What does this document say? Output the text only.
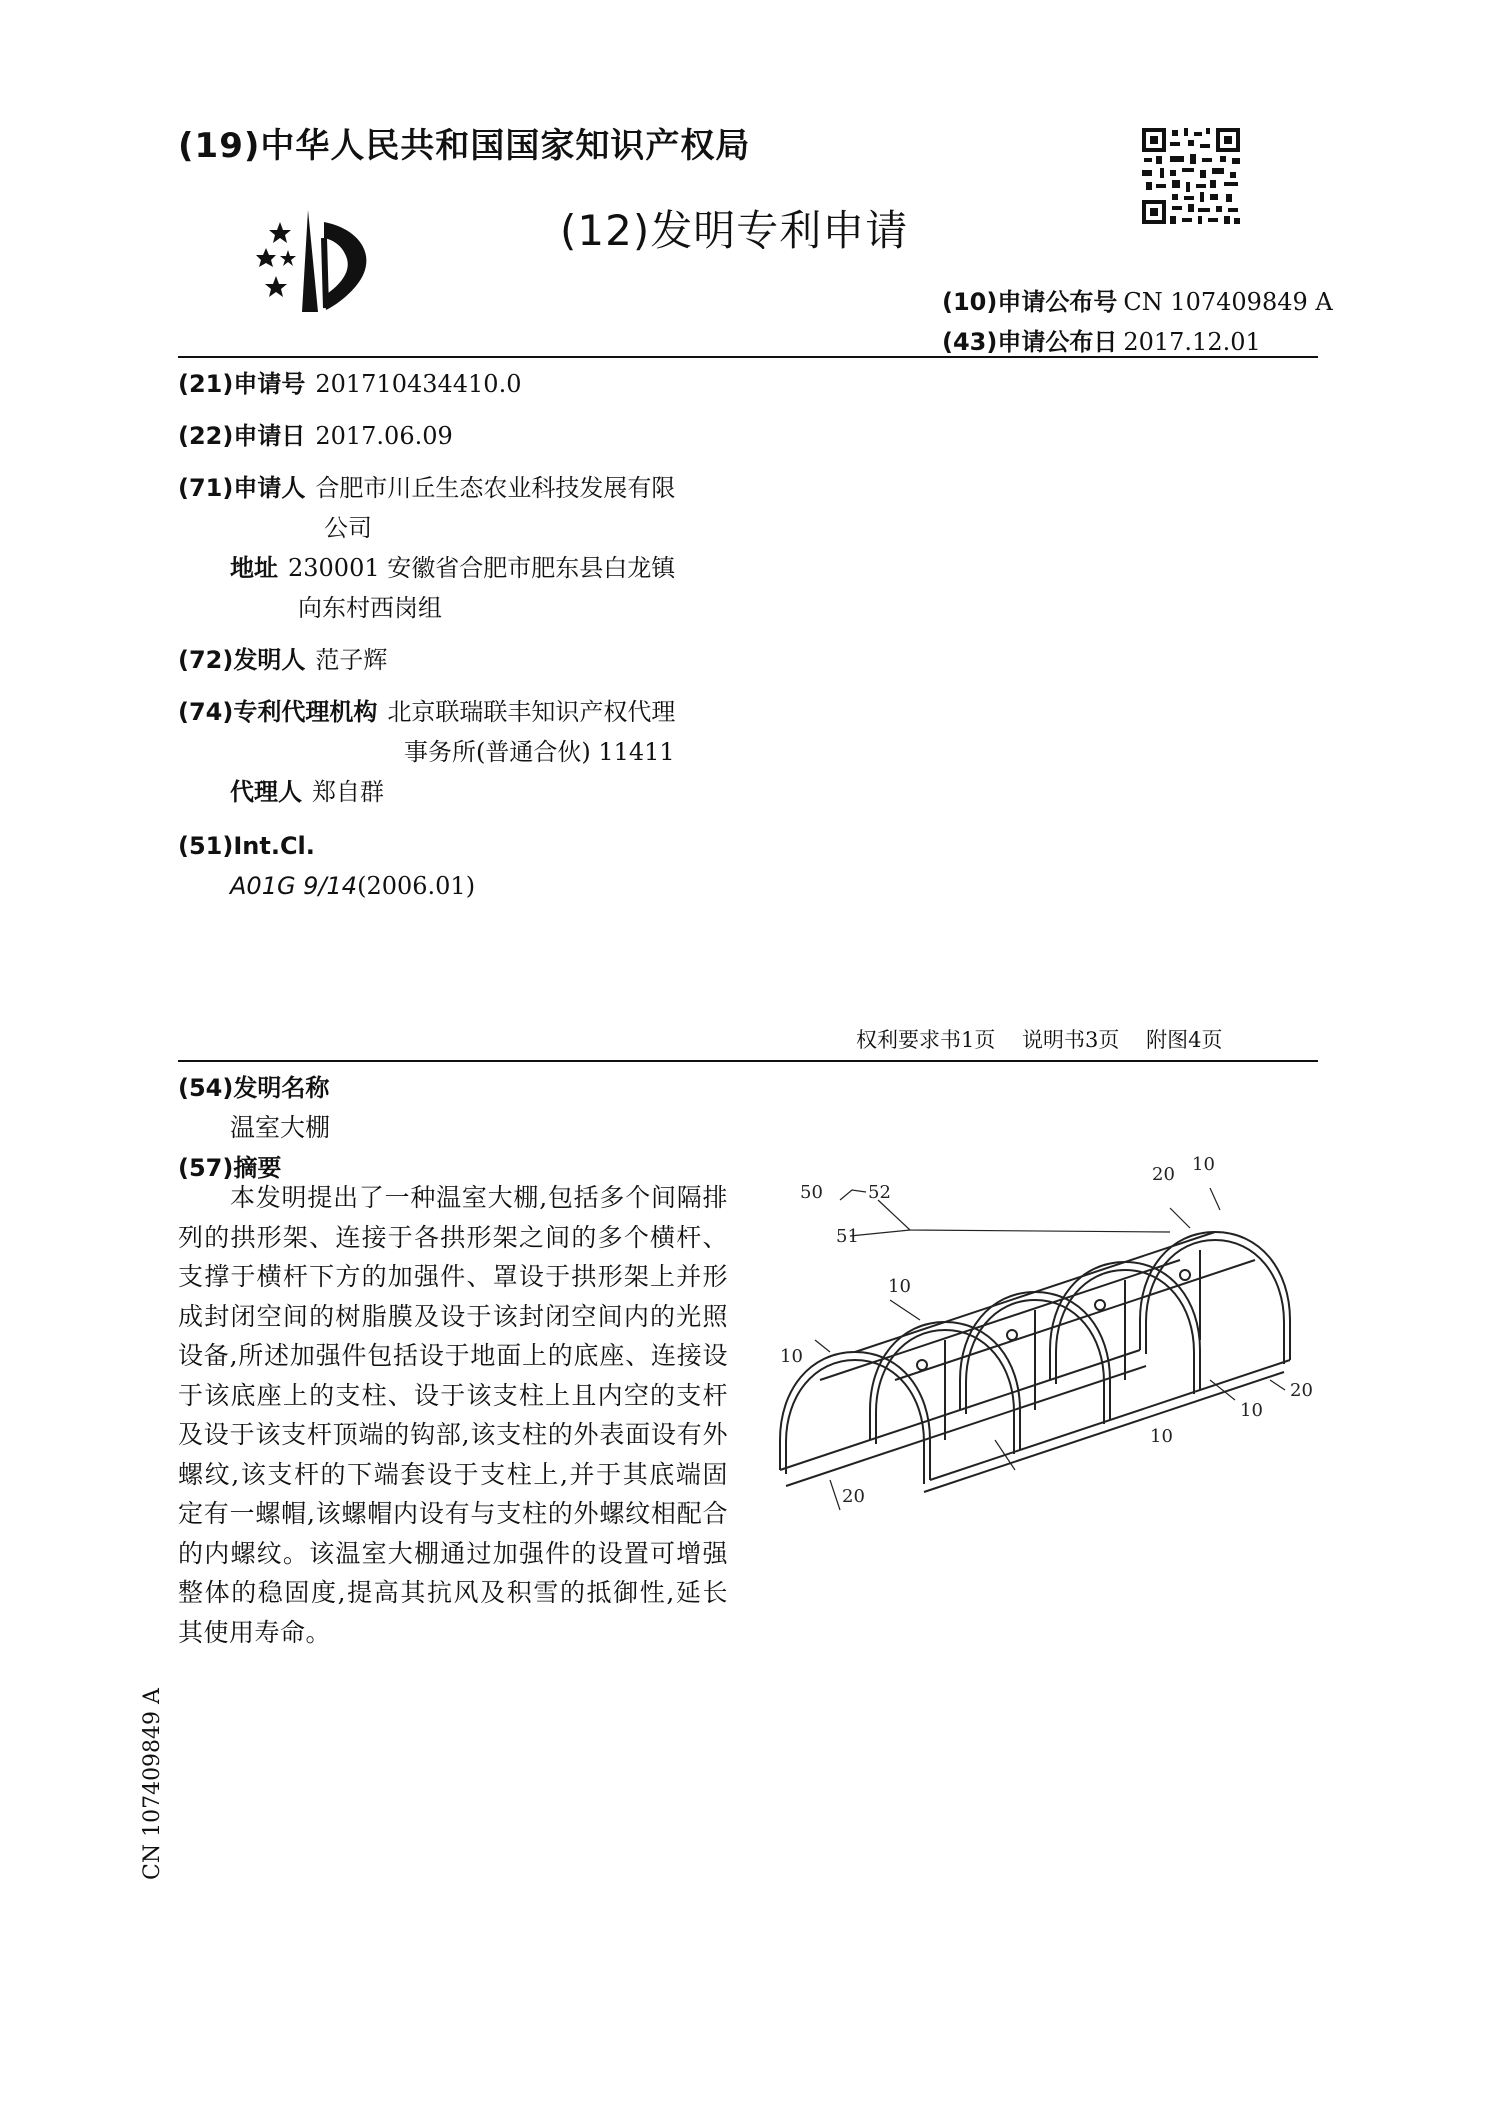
(19)中华人民共和国国家知识产权局
(12)发明专利申请
(10)申请公布号 CN 107409849 A
(43)申请公布日 2017.12.01
(21)申请号 201710434410.0
(22)申请日 2017.06.09
(71)申请人 合肥市川丘生态农业科技发展有限
公司
地址 230001 安徽省合肥市肥东县白龙镇
向东村西岗组
(72)发明人 范子辉
(74)专利代理机构 北京联瑞联丰知识产权代理
事务所(普通合伙) 11411
代理人 郑自群
(51)Int.Cl.
A01G 9/14(2006.01)
权利要求书1页    说明书3页    附图4页
(54)发明名称
温室大棚
(57)摘要
本发明提出了一种温室大棚,包括多个间隔排列的拱形架、连接于各拱形架之间的多个横杆、支撑于横杆下方的加强件、罩设于拱形架上并形成封闭空间的树脂膜及设于该封闭空间内的光照设备,所述加强件包括设于地面上的底座、连接设于该底座上的支柱、设于该支柱上且内空的支杆及设于该支杆顶端的钩部,该支柱的外表面设有外螺纹,该支杆的下端套设于支柱上,并于其底端固定有一螺帽,该螺帽内设有与支柱的外螺纹相配合的内螺纹。该温室大棚通过加强件的设置可增强整体的稳固度,提高其抗风及积雪的抵御性,延长其使用寿命。
CN 107409849 A
50	52
51
20 10
10
20
10
10
10
20
